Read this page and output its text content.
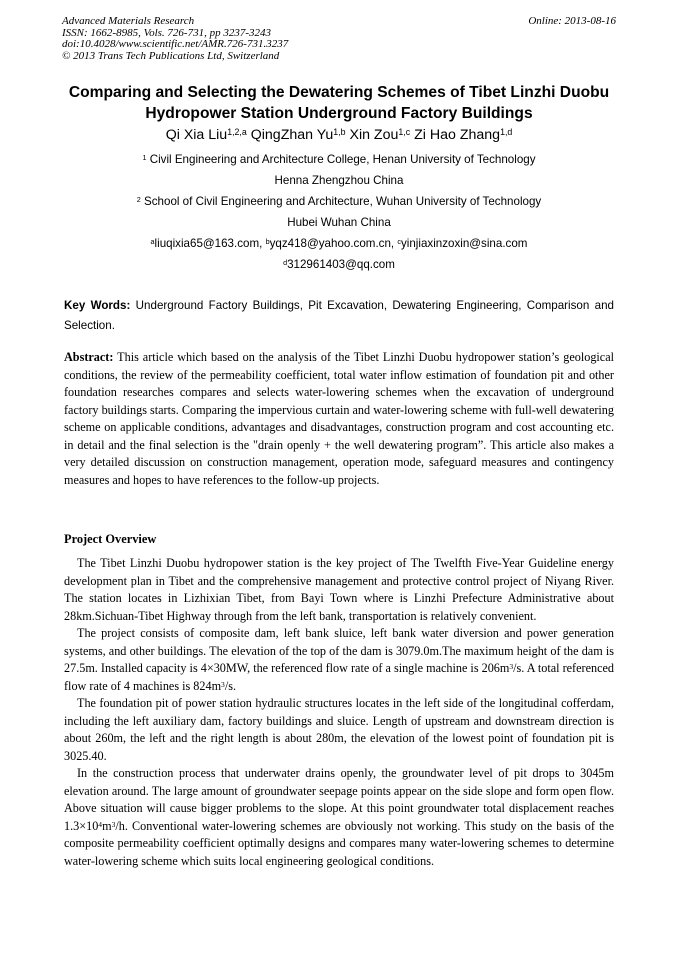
Advanced Materials Research
ISSN: 1662-8985, Vols. 726-731, pp 3237-3243
doi:10.4028/www.scientific.net/AMR.726-731.3237
© 2013 Trans Tech Publications Ltd, Switzerland
Online: 2013-08-16
Comparing and Selecting the Dewatering Schemes of Tibet Linzhi Duobu
Hydropower Station Underground Factory Buildings
Qi Xia Liu$^{1,2,a}$ QingZhan Yu$^{1,b}$ Xin Zou$^{1,c}$ Zi Hao Zhang$^{1,d}$
$^1$ Civil Engineering and Architecture College, Henan University of Technology
Henna Zhengzhou China
$^2$ School of Civil Engineering and Architecture, Wuhan University of Technology
Hubei Wuhan China
$^a$liuqixia65@163.com, $^b$yqz418@yahoo.com.cn, $^c$yinjiaxinzoxin@sina.com
$^d$312961403@qq.com
Key Words: Underground Factory Buildings, Pit Excavation, Dewatering Engineering, Comparison and Selection.
Abstract: This article which based on the analysis of the Tibet Linzhi Duobu hydropower station’s geological conditions, the review of the permeability coefficient, total water inflow estimation of foundation pit and other foundation researches compares and selects water-lowering schemes when the excavation of underground factory buildings starts. Comparing the impervious curtain and water-lowering scheme with full-well dewatering scheme on applicable conditions, advantages and disadvantages, construction program and cost accounting etc. in detail and the final selection is the "drain openly + the well dewatering program”. This article also makes a very detailed discussion on construction management, operation mode, safeguard measures and contingency measures and hopes to have references to the follow-up projects.
Project Overview

The Tibet Linzhi Duobu hydropower station is the key project of The Twelfth Five-Year Guideline energy development plan in Tibet and the comprehensive management and protective control project of Niyang River. The station locates in Lizhixian Tibet, from Bayi Town where is Linzhi Prefecture Administrative about 28km.Sichuan-Tibet Highway through from the left bank, transportation is relatively convenient.

The project consists of composite dam, left bank sluice, left bank water diversion and power generation systems, and other buildings. The elevation of the top of the dam is 3079.0m.The maximum height of the dam is 27.5m. Installed capacity is 4×30MW, the referenced flow rate of a single machine is $206m^3/s$. A total referenced flow rate of 4 machines is $824m^3/s$.

The foundation pit of power station hydraulic structures locates in the left side of the longitudinal cofferdam, including the left auxiliary dam, factory buildings and sluice. Length of upstream and downstream direction is about 260m, the left and the right length is about 280m, the elevation of the lowest point of foundation pit is 3025.40.

In the construction process that underwater drains openly, the groundwater level of pit drops to 3045m elevation around. The large amount of groundwater seepage points appear on the side slope and form open flow. Above situation will cause bigger problems to the slope. At this point groundwater total displacement reaches $1.3\times 10^4m^3/h$. Conventional water-lowering schemes are obviously not working. This study on the basis of the composite permeability coefficient optimally designs and compares many water-lowering schemes to determine water-lowering scheme which suits local engineering geological conditions.
